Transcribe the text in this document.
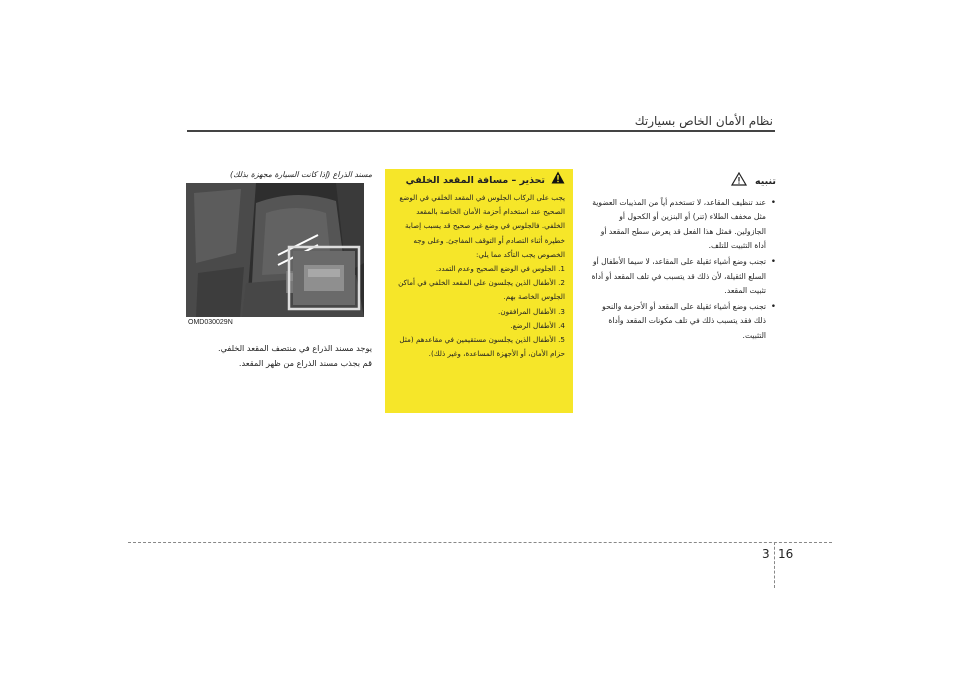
نظام الأمان الخاص بسيارتك
تنبيه
• عند تنظيف المقاعد، لا تستخدم أياً من المذيبات العضوية مثل مخفف الطلاء (تنر) أو البنزين أو الكحول أو الجازولين. فمثل هذا الفعل قد يعرض سطح المقعد أو أداة التثبيت للتلف.
• تجنب وضع أشياء ثقيلة على المقاعد، لا سيما الأطفال أو السلع الثقيلة، لأن ذلك قد يتسبب في تلف المقعد أو أداة تثبيت المقعد.
• تجنب وضع أشياء ثقيلة على المقعد أو الأحزمة والنحو ذلك فقد يتسبب ذلك في تلف مكونات المقعد وأداة التثبيت.
تحذير – مسافة المقعد الخلفي

يجب على الركاب الجلوس في المقعد الخلفي في الوضع الصحيح عند استخدام أحزمة الأمان الخاصة بالمقعد الخلفي. فالجلوس في وضع غير صحيح قد يسبب إصابة خطيرة أثناء التصادم أو التوقف المفاجئ. وعلى وجه الخصوص يجب التأكد مما يلي:

1. الجلوس في الوضع الصحيح وعدم التمدد.
2. الأطفال الذين يجلسون على المقعد الخلفي في أماكن الجلوس الخاصة بهم.
3. الأطفال المرافقون.
4. الأطفال الرضع.
5. الأطفال الذين يجلسون مستقيمين في مقاعدهم (مثل حزام الأمان، أو الأجهزة المساعدة، وغير ذلك).
مسند الذراع (إذا كانت السيارة مجهزة بذلك)
OMD030029N

يوجد مسند الذراع في منتصف المقعد الخلفي.

قم بجذب مسند الذراع من ظهر المقعد.

3 16
